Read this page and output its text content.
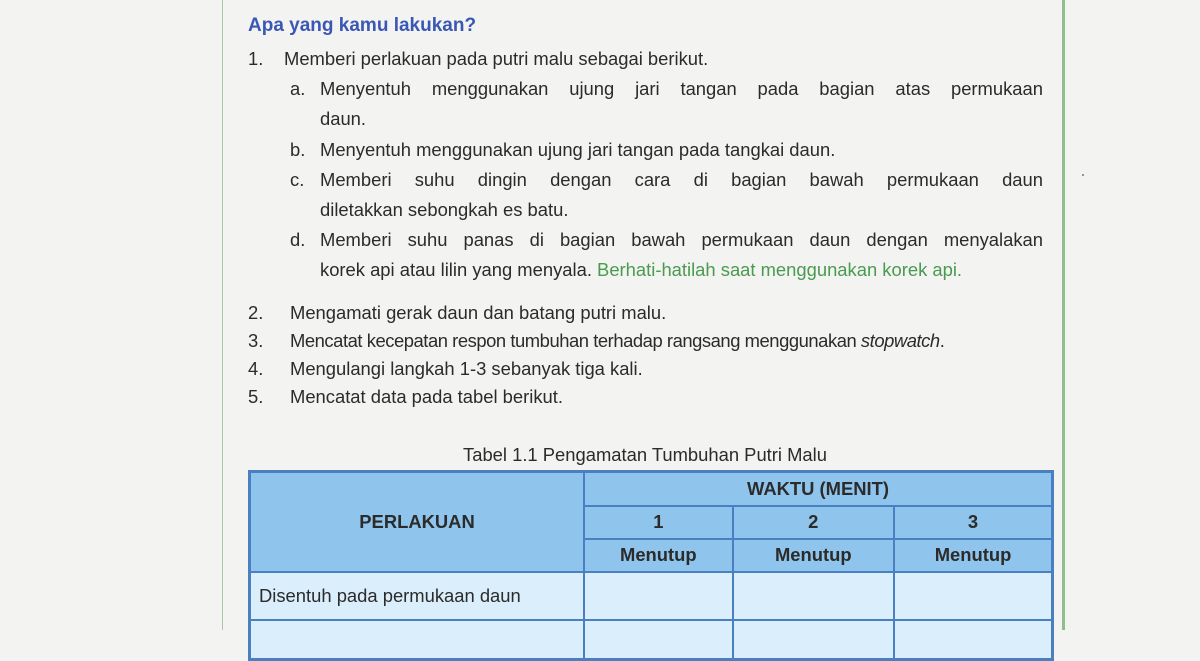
Apa yang kamu lakukan?
1. Memberi perlakuan pada putri malu sebagai berikut.
a. Menyentuh menggunakan ujung jari tangan pada bagian atas permukaan
daun.
b. Menyentuh menggunakan ujung jari tangan pada tangkai daun.
c. Memberi suhu dingin dengan cara di bagian bawah permukaan daun
diletakkan sebongkah es batu.
d. Memberi suhu panas di bagian bawah permukaan daun dengan menyalakan
korek api atau lilin yang menyala. Berhati-hatilah saat menggunakan korek api.
2. Mengamati gerak daun dan batang putri malu.
3. Mencatat kecepatan respon tumbuhan terhadap rangsang menggunakan stopwatch.
4. Mengulangi langkah 1-3 sebanyak tiga kali.
5. Mencatat data pada tabel berikut.
Tabel 1.1 Pengamatan Tumbuhan Putri Malu
PERLAKUAN	WAKTU (MENIT)		
	1	2	3
	Menutup	Menutup	Menutup
Disentuh pada permukaan daun			
